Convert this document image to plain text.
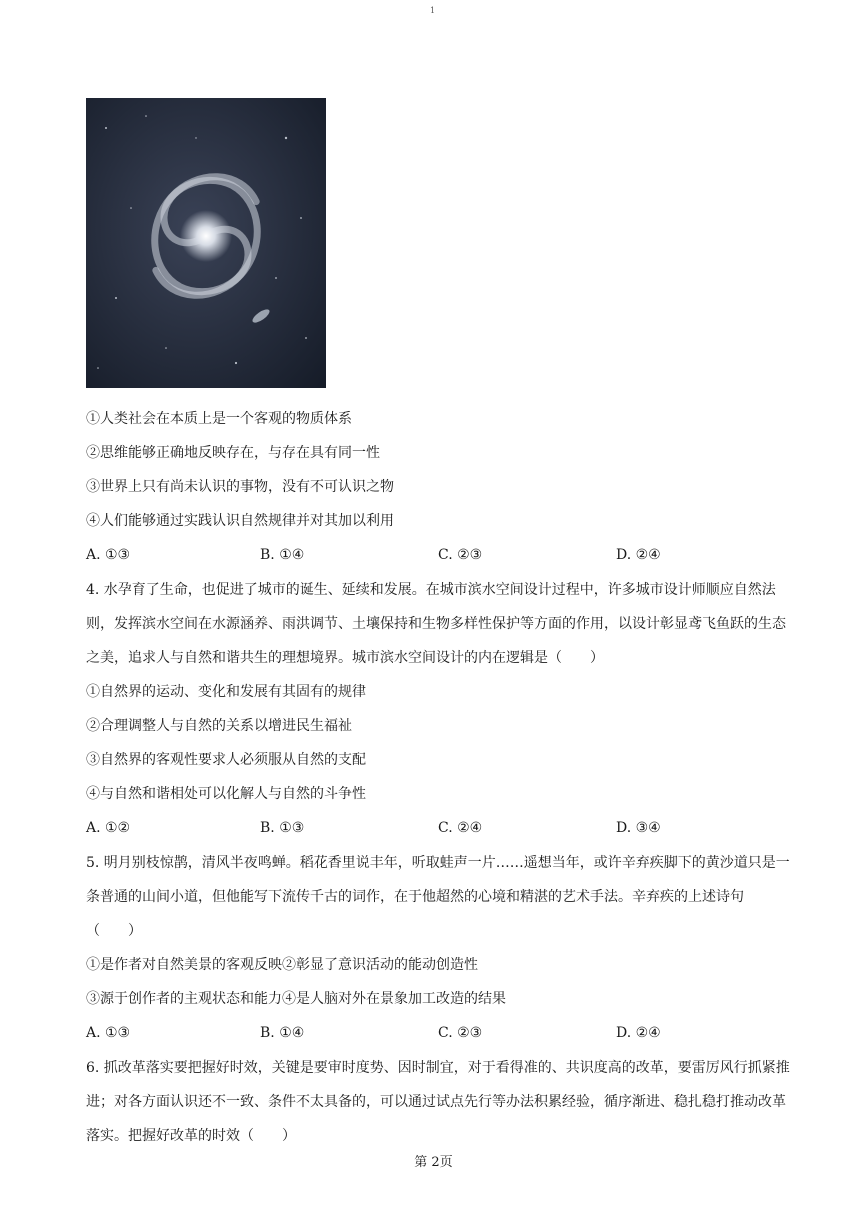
1
①人类社会在本质上是一个客观的物质体系
②思维能够正确地反映存在，与存在具有同一性
③世界上只有尚未认识的事物，没有不可认识之物
④人们能够通过实践认识自然规律并对其加以利用
A. ①③	B. ①④	C. ②③	D. ②④

4. 水孕育了生命，也促进了城市的诞生、延续和发展。在城市滨水空间设计过程中，许多城市设计师顺应自然法则，发挥滨水空间在水源涵养、雨洪调节、土壤保持和生物多样性保护等方面的作用，以设计彰显鸢飞鱼跃的生态之美，追求人与自然和谐共生的理想境界。城市滨水空间设计的内在逻辑是（　　）

①自然界的运动、变化和发展有其固有的规律
②合理调整人与自然的关系以增进民生福祉
③自然界的客观性要求人必须服从自然的支配
④与自然和谐相处可以化解人与自然的斗争性
A. ①②	B. ①③	C. ②④	D. ③④

5. 明月别枝惊鹊，清风半夜鸣蝉。稻花香里说丰年，听取蛙声一片……遥想当年，或许辛弃疾脚下的黄沙道只是一条普通的山间小道，但他能写下流传千古的词作，在于他超然的心境和精湛的艺术手法。辛弃疾的上述诗句（　　）

①是作者对自然美景的客观反映②彰显了意识活动的能动创造性
③源于创作者的主观状态和能力④是人脑对外在景象加工改造的结果
A. ①③	B. ①④	C. ②③	D. ②④

6. 抓改革落实要把握好时效，关键是要审时度势、因时制宜，对于看得准的、共识度高的改革，要雷厉风行抓紧推进；对各方面认识还不一致、条件不太具备的，可以通过试点先行等办法积累经验，循序渐进、稳扎稳打推动改革落实。把握好改革的时效（　　）

第 2页
